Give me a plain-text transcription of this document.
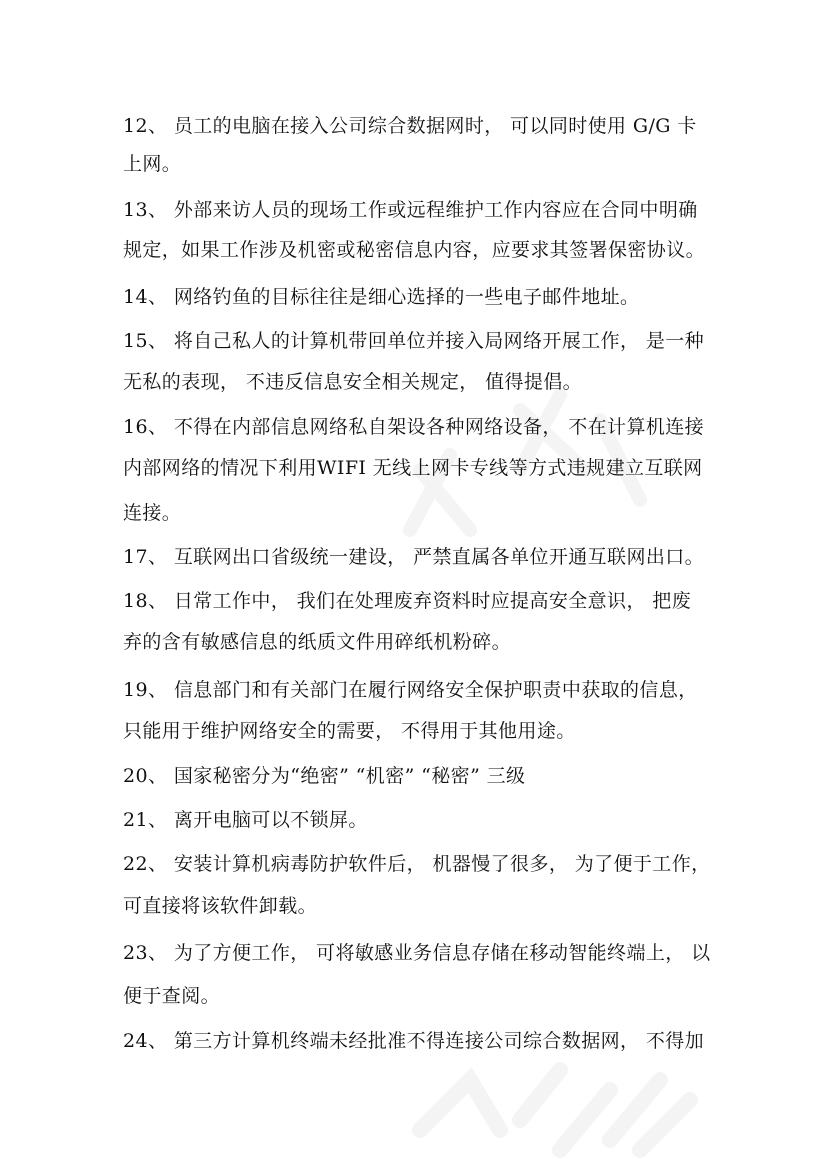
12、 员工的电脑在接入公司综合数据网时， 可以同时使用 G/G 卡
上网。
13、 外部来访人员的现场工作或远程维护工作内容应在合同中明确
规定，如果工作涉及机密或秘密信息内容，应要求其签署保密协议。
14、 网络钓鱼的目标往往是细心选择的一些电子邮件地址。
15、 将自己私人的计算机带回单位并接入局网络开展工作， 是一种
无私的表现， 不违反信息安全相关规定， 值得提倡。
16、 不得在内部信息网络私自架设各种网络设备， 不在计算机连接
内部网络的情况下利用WIFI 无线上网卡专线等方式违规建立互联网
连接。
17、 互联网出口省级统一建设， 严禁直属各单位开通互联网出口。
18、 日常工作中， 我们在处理废弃资料时应提高安全意识， 把废
弃的含有敏感信息的纸质文件用碎纸机粉碎。
19、 信息部门和有关部门在履行网络安全保护职责中获取的信息，
只能用于维护网络安全的需要， 不得用于其他用途。
20、 国家秘密分为“绝密” “机密” “秘密” 三级
21、 离开电脑可以不锁屏。
22、 安装计算机病毒防护软件后， 机器慢了很多， 为了便于工作，
可直接将该软件卸载。
23、 为了方便工作， 可将敏感业务信息存储在移动智能终端上， 以
便于查阅。
24、 第三方计算机终端未经批准不得连接公司综合数据网， 不得加
